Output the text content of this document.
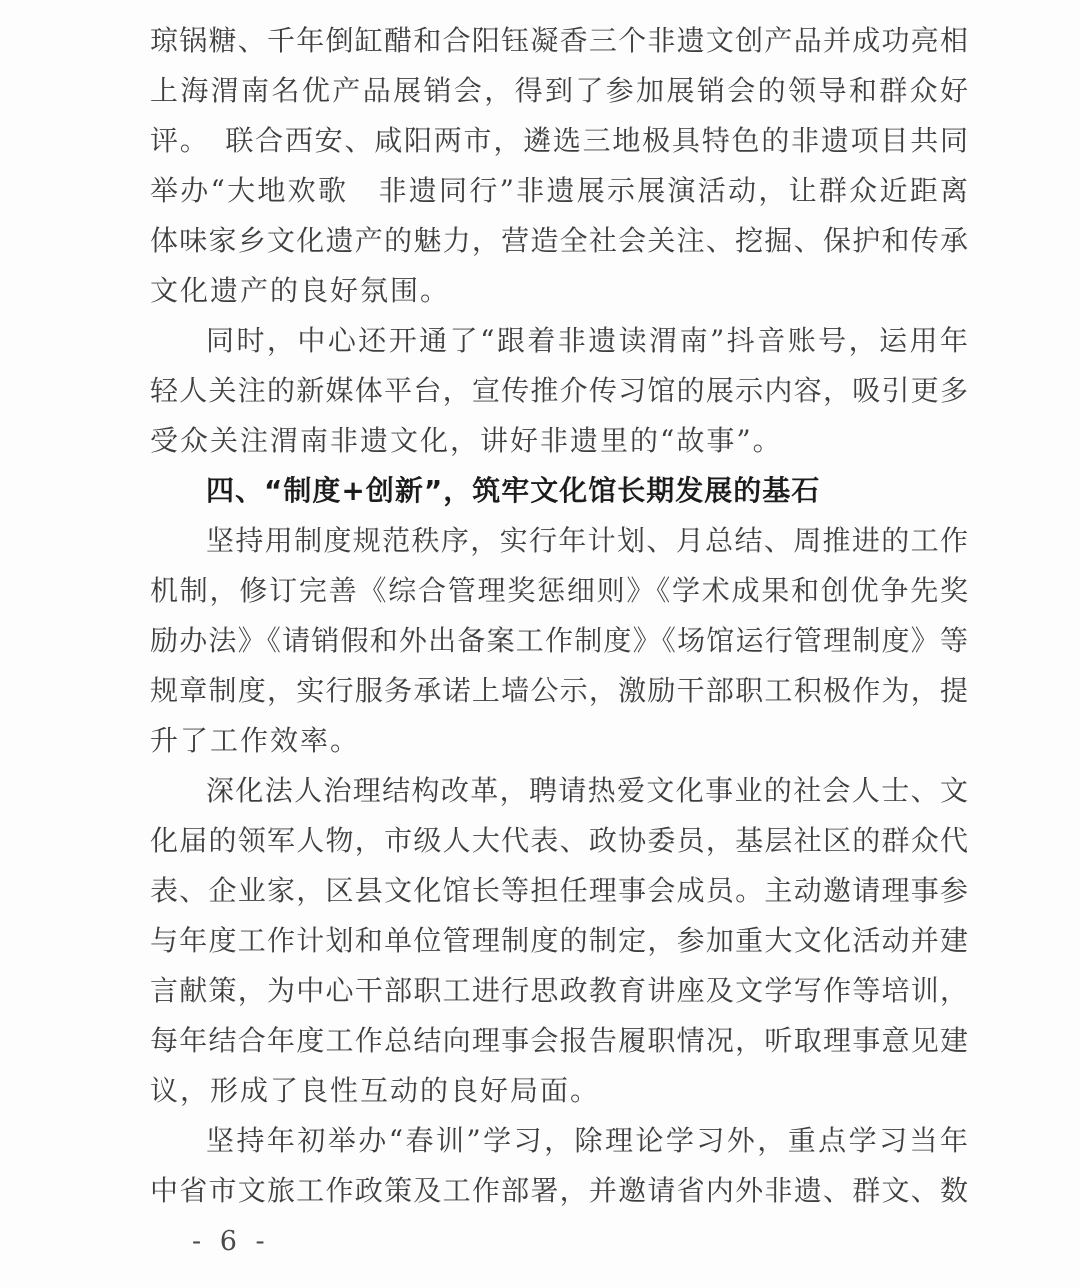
琼锅糖、千年倒缸醋和合阳钰凝香三个非遗文创产品并成功亮相
上海渭南名优产品展销会，得到了参加展销会的领导和群众好
评。　联合西安、咸阳两市，遴选三地极具特色的非遗项目共同
举办“大地欢歌　非遗同行”非遗展示展演活动，让群众近距离
体味家乡文化遗产的魅力，营造全社会关注、挖掘、保护和传承
文化遗产的良好氛围。
同时，中心还开通了“跟着非遗读渭南”抖音账号，运用年
轻人关注的新媒体平台，宣传推介传习馆的展示内容，吸引更多
受众关注渭南非遗文化，讲好非遗里的“故事”。
四、“制度+创新”，筑牢文化馆长期发展的基石
坚持用制度规范秩序，实行年计划、月总结、周推进的工作
机制，修订完善《综合管理奖惩细则》《学术成果和创优争先奖
励办法》《请销假和外出备案工作制度》《场馆运行管理制度》等
规章制度，实行服务承诺上墙公示，激励干部职工积极作为，提
升了工作效率。
深化法人治理结构改革，聘请热爱文化事业的社会人士、文
化届的领军人物，市级人大代表、政协委员，基层社区的群众代
表、企业家，区县文化馆长等担任理事会成员。主动邀请理事参
与年度工作计划和单位管理制度的制定，参加重大文化活动并建
言献策，为中心干部职工进行思政教育讲座及文学写作等培训，
每年结合年度工作总结向理事会报告履职情况，听取理事意见建
议，形成了良性互动的良好局面。
坚持年初举办“春训”学习，除理论学习外，重点学习当年
中省市文旅工作政策及工作部署，并邀请省内外非遗、群文、数
- 6 -
